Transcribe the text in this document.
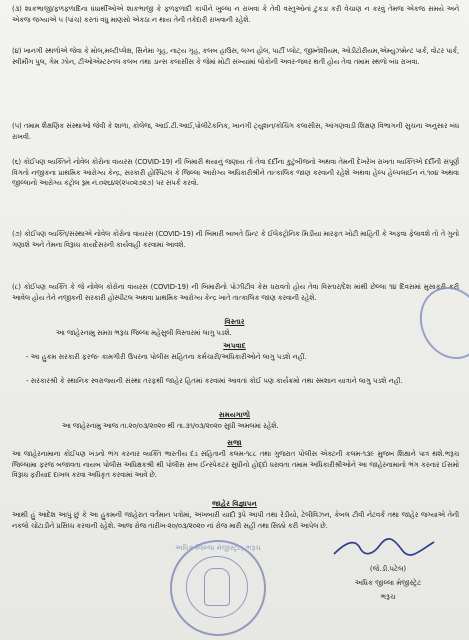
(૩) શાકભાજી/ફળફળાદિના ધંધાર્થીઓએ શાકભાજી કે ફળફળાદી કાપીને ખુલ્લા ન રાખવા કે તેવી વસ્તુઓનાં ટુકડા કરી વેચાણ ન કરવું તેમજ એકજ સમયે અને એકજ જગ્યાએ ૫ (પાંચ) કરતાં વધુ માણસો એકઠા ન થાય તેની તકેદારી રાખવાની રહેશે.

(૪) ખાનગી સ્થળોએ જેવા કે મોલ,મલ્ટીપ્લેક્ષ, સિનેમા ગૃહ, નાટ્ય ગૃહ, કલબ હાઉસ, લગ્ન હોલ, પાર્ટી પ્લોટ, જીમ્નેશીયમ, ઓડીટોરીયમ,એમ્યુઝમેન્ટ પાર્ક, વોટર પાર્ક, સ્વીમીંગ પુલ, ગેમ ઝોન, ટીઓએમ્ટરનલ કલબ તથા ડાન્સ કલાસીસ કે જેમાં મોટી સંખ્યામાં લોકોની અવર-જવર થતી હોય તેવા તમામ સ્થળો બંધ રાખવા.

(૫) તમામ શૈક્ષણિક સંસ્થાઓ જેવી કે શાળા, કોલેજ, આઈ.ટી.આઈ,પોલીટેકનિક, ખાનગી ટ્યુશન/કોચિંગ કલાસીસ, આંગણવાડી શિક્ષણ વિભાગની સુચના અનુસાર બંધ રાખવી.

(૬) કોઈપણ વ્યક્તિને નોવેલ કોરોના વાયરસ (COVID-19) ની બિમારી થયાનું જણાય તો તેવા દર્દીના કુટુંબીજનો અથવા તેમની દેખરેખ રાખતા વ્યક્તિએ દર્દીની સંપૂર્ણ વિગતો નજીકના પ્રાથમિક આરોગ્ય કેન્દ્ર, સરકારી હોસ્પિટલ કે જિલ્લા આરોગ્ય અધિકારીશ્રીને તાત્કાલિક જાણ કરવાની રહેશે અથવા હેલ્પ હેલ્પલાઈન નં.૧૦૪ અથવા જીલ્લાનો આરોગ્ય કંટ્રોલ રૂમ નં.૦૨૬૪૨(૨૫૦૨૭૨૭) પર સંપર્ક કરવો.

(૭) કોઈપણ વ્યક્તિ/સંસ્થાએ નોવેલ કોરોના વાયરસ (COVID-19) ની બિમારી બાબતે પ્રિન્ટ કે ઈલેકટ્રોનિક મિડીયા મારફત ખોટી માહિતી કે અફવા ફેલાવશે તો તે ગુનો ગણાશે અને તેમના વિરૂધ્ધ કાયદેસરની કાર્યવાહી કરવામાં આવશે.

(૮) કોઈપણ વ્યક્તિ કે જે નોવેલ કોરોના વાયરસ (COVID-19) ની બિમારીનો પોઝીટીવ કેસ ધરાવતો હોય તેવા વિસ્તાર/દેશ માંથી છેલ્લા ૧૪ દિવસમાં મુસાફરી કરી આવેલ હોય તેને નજીકની સરકારી હોસ્પીટલ અથવા પ્રાથમિક આરોગ્ય કેન્દ્ર ખાતે તાત્કાલિક જાણ કરવાની રહેશે.

વિસ્તાર

આ જાહેરનામુ સમગ્ર ભરૂચ જિલ્લા મહેસુલી વિસ્તારમાં લાગુ પડશે.

અપવાદ

- આ હુકમ સરકારી ફરજ- કામગીરી ઉપરના પોલીસ સહિતના કર્મચારી/અધિકારીઓને લાગુ પડશે નહીં.

- સરકારશ્રી કે સ્થાનિક સ્વરાજ્યની સંસ્થા તરફથી જાહેર હિતમાં કરવામાં આવતાં કોઈ પણ કાર્યક્રમો તથા સ્મશાન યાત્રાને લાગુ પડશે નહી.

સમયગાળો

આ જાહેરનામુ આજ તા.૨૦/૦૩/૨૦૨૦ થી તા.૩૧/૦૩/૨૦૨૦ સુધી અમલમાં રહેશે.

સજા

આ જાહેરનામાના કોઈપણ ખંડનો ભંગ કરનાર વ્યક્તિ ભારતીય દંડ સંહિતાની કલમ-૧૮૮ તથા ગુજરાત પોલીસ એક્ટની કલમ-૧૩૯ મુજબ શિક્ષાને પાત્ર થશે.ભરૂચ જિલ્લામા ફરજ બજાવતા નાયબ પોલીસ અધિક્ષકશ્રી થી પોલીસ સબ ઈન્સ્પેકટર સુધીનો હોદ્દો ધરાવતા તમામ અધિકારીશ્રીઓને આ જાહેરનામાનો ભંગ કરનાર ઈસમો વિરૂધ્ધ ફરીયાદ દાખલ કરવા અધિકૃત કરવામાં આવે છે.

જાહેર વિજ્ઞાપન

આથી હું આદેશ આપું છું કે આ હુકમની જાહેરાત વર્તમાન પત્રોમાં, અખબારી યાદી રૂપે આપી તથા રેડીયો, ટેલીવિઝન, કેબલ ટીવી નેટવર્ક તથા જાહેર જગ્યાએ તેની નકલો ચોંટાડીને પ્રસિધ્ધ કરવાની રહેશે. આજ રોજ તારીખ-૨૦/૦૩/૨૦૨૦ નાં રોજ મારી સહી તથા સિક્કો કરી આપેલ છે.

અધિક જિલ્લા મેજીસ્ટ્રેટ, ભરૂચ
(જે.ડી.પટેલ)
અધિક જીલ્લા મેજીસ્ટ્રેટ
ભરૂચ
